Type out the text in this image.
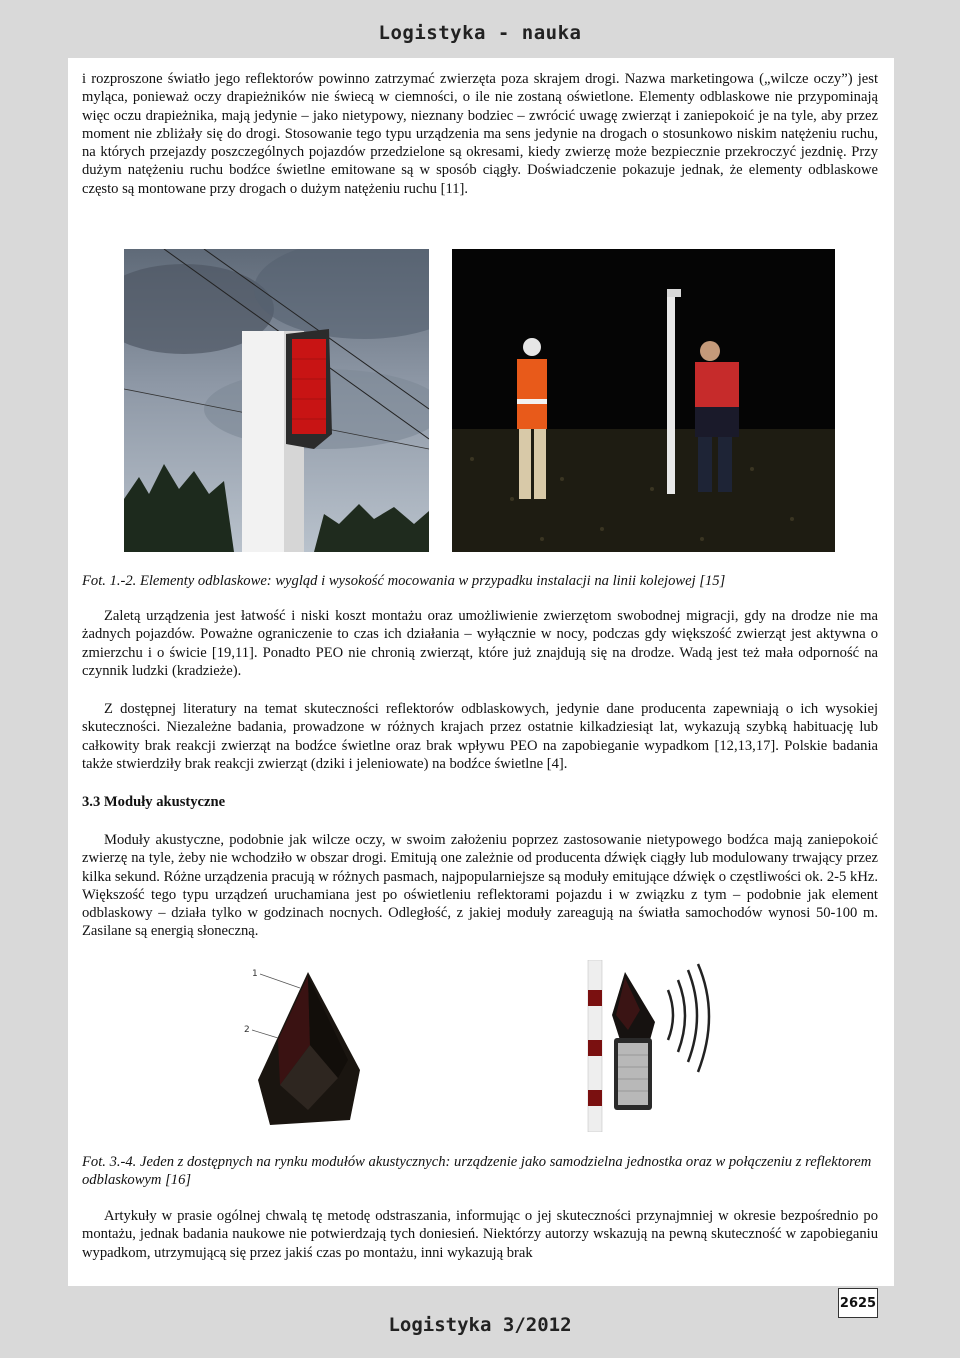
Logistyka - nauka

i rozproszone światło jego reflektorów powinno zatrzymać zwierzęta poza skrajem drogi. Nazwa marketingowa („wilcze oczy”) jest myląca, ponieważ oczy drapieżników nie świecą w ciemności, o ile nie zostaną oświetlone. Elementy odblaskowe nie przypominają więc oczu drapieżnika, mają jedynie – jako nietypowy, nieznany bodziec – zwrócić uwagę zwierząt i zaniepokoić je na tyle, aby przez moment nie zbliżały się do drogi. Stosowanie tego typu urządzenia ma sens jedynie na drogach o stosunkowo niskim natężeniu ruchu, na których przejazdy poszczególnych pojazdów przedzielone są okresami, kiedy zwierzę może bezpiecznie przekroczyć jezdnię. Przy dużym natężeniu ruchu bodźce świetlne emitowane są w sposób ciągły. Doświadczenie pokazuje jednak, że elementy odblaskowe często są montowane przy drogach o dużym natężeniu ruchu [11].

Fot. 1.-2. Elementy odblaskowe: wygląd i wysokość mocowania w przypadku instalacji na linii kolejowej [15]

Zaletą urządzenia jest łatwość i niski koszt montażu oraz umożliwienie zwierzętom swobodnej migracji, gdy na drodze nie ma żadnych pojazdów. Poważne ograniczenie to czas ich działania – wyłącznie w nocy, podczas gdy większość zwierząt jest aktywna o zmierzchu i o świcie [19,11]. Ponadto PEO nie chronią zwierząt, które już znajdują się na drodze. Wadą jest też mała odporność na czynnik ludzki (kradzieże).

Z dostępnej literatury na temat skuteczności reflektorów odblaskowych, jedynie dane producenta zapewniają o ich wysokiej skuteczności. Niezależne badania, prowadzone w różnych krajach przez ostatnie kilkadziesiąt lat, wykazują szybką habituację lub całkowity brak reakcji zwierząt na bodźce świetlne oraz brak wpływu PEO na zapobieganie wypadkom [12,13,17]. Polskie badania także stwierdziły brak reakcji zwierząt (dziki i jeleniowate) na bodźce świetlne [4].

3.3 Moduły akustyczne

Moduły akustyczne, podobnie jak wilcze oczy, w swoim założeniu poprzez zastosowanie nietypowego bodźca mają zaniepokoić zwierzę na tyle, żeby nie wchodziło w obszar drogi. Emitują one zależnie od producenta dźwięk ciągły lub modulowany trwający przez kilka sekund. Różne urządzenia pracują w różnych pasmach, najpopularniejsze są moduły emitujące dźwięk o częstliwości ok. 2-5 kHz. Większość tego typu urządzeń uruchamiana jest po oświetleniu reflektorami pojazdu i w związku z tym – podobnie jak element odblaskowy – działa tylko w godzinach nocnych. Odległość, z jakiej moduły zareagują na światła samochodów wynosi 50-100 m. Zasilane są energią słoneczną.

1
2
Fot. 3.-4. Jeden z dostępnych na rynku modułów akustycznych: urządzenie jako samodzielna jednostka oraz w połączeniu z reflektorem odblaskowym [16]

Artykuły w prasie ogólnej chwalą tę metodę odstraszania, informując o jej skuteczności przynajmniej w okresie bezpośrednio po montażu, jednak badania naukowe nie potwierdzają tych doniesień. Niektórzy autorzy wskazują na pewną skuteczność w zapobieganiu wypadkom, utrzymującą się przez jakiś czas po montażu, inni wykazują brak

2625
Logistyka 3/2012
